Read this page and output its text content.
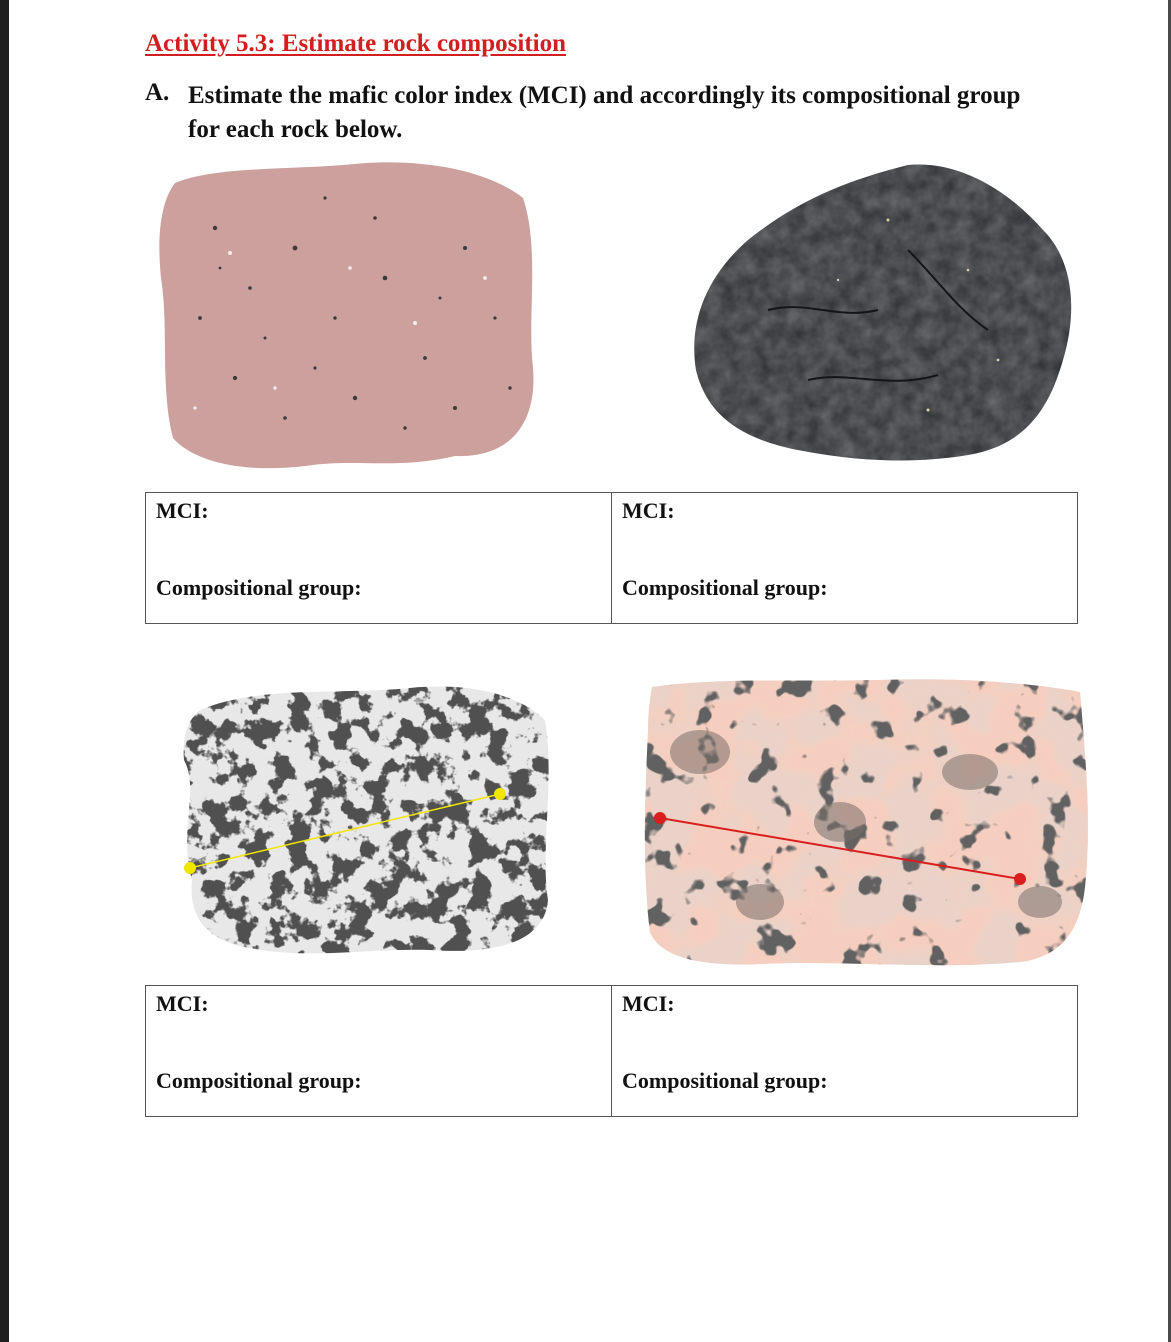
Activity 5.3: Estimate rock composition
A. Estimate the mafic color index (MCI) and accordingly its compositional group for each rock below.
MCI:
Compositional group:

MCI:
Compositional group:
MCI:
Compositional group:

MCI:
Compositional group:
